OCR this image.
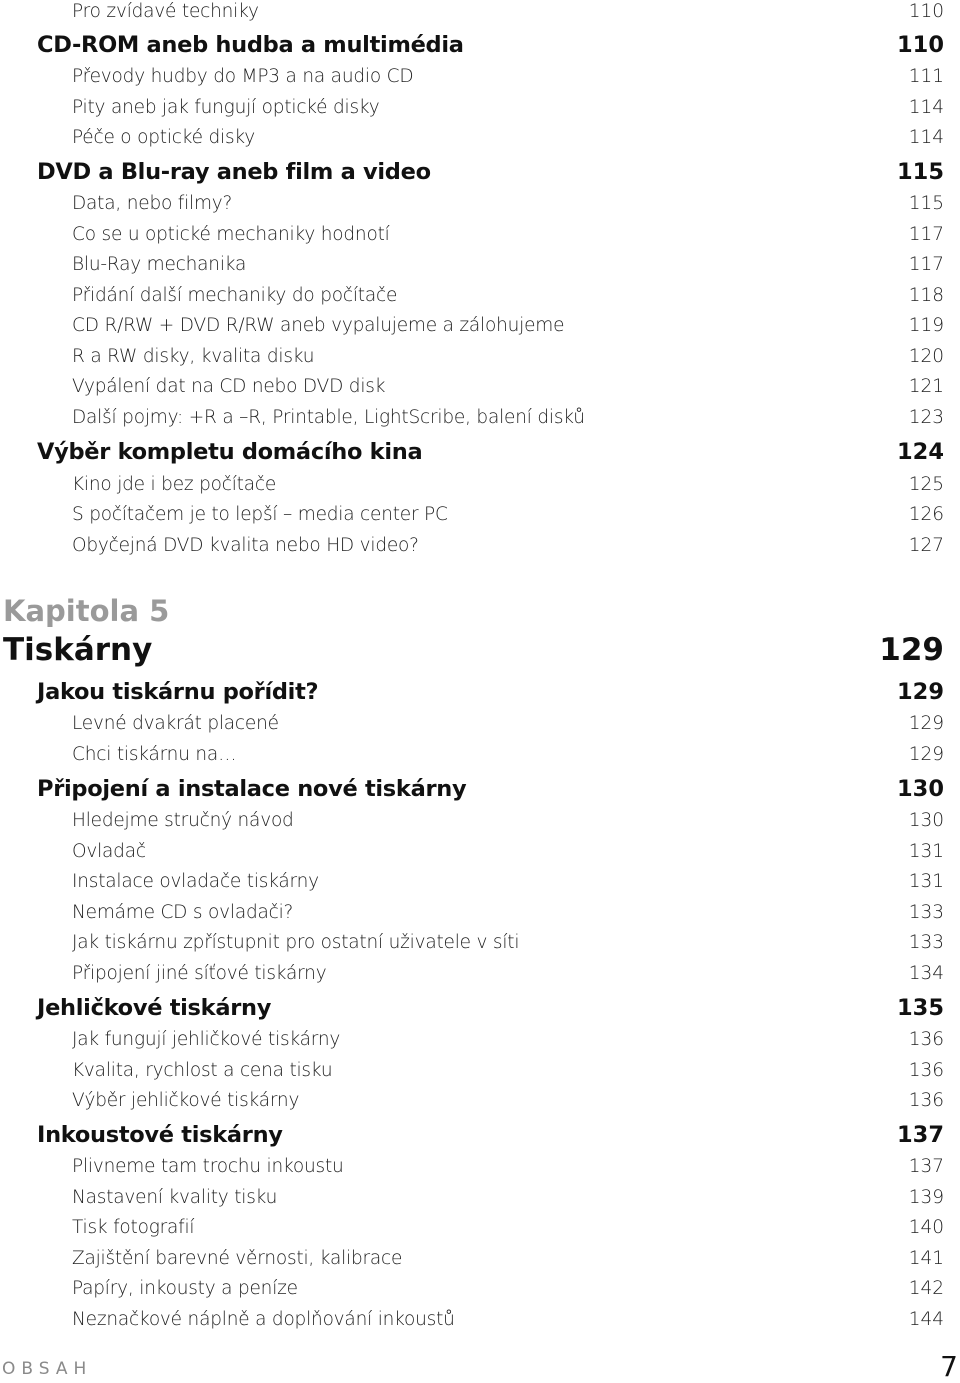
Pro zvídavé techniky	110
CD-ROM aneb hudba a multimédia	110
Převody hudby do MP3 a na audio CD	111
Pity aneb jak fungují optické disky	114
Péče o optické disky	114
DVD a Blu-ray aneb film a video	115
Data, nebo filmy?	115
Co se u optické mechaniky hodnotí	117
Blu-Ray mechanika	117
Přidání další mechaniky do počítače	118
CD R/RW + DVD R/RW aneb vypalujeme a zálohujeme	119
R a RW disky, kvalita disku	120
Vypálení dat na CD nebo DVD disk	121
Další pojmy: +R a –R, Printable, LightScribe, balení disků	123
Výběr kompletu domácího kina	124
Kino jde i bez počítače	125
S počítačem je to lepší – media center PC	126
Obyčejná DVD kvalita nebo HD video?	127
Kapitola 5
Tiskárny	129
Jakou tiskárnu pořídit?	129
Levné dvakrát placené	129
Chci tiskárnu na…	129
Připojení a instalace nové tiskárny	130
Hledejme stručný návod	130
Ovladač	131
Instalace ovladače tiskárny	131
Nemáme CD s ovladači?	133
Jak tiskárnu zpřístupnit pro ostatní uživatele v síti	133
Připojení jiné síťové tiskárny	134
Jehličkové tiskárny	135
Jak fungují jehličkové tiskárny	136
Kvalita, rychlost a cena tisku	136
Výběr jehličkové tiskárny	136
Inkoustové tiskárny	137
Plivneme tam trochu inkoustu	137
Nastavení kvality tisku	139
Tisk fotografií	140
Zajištění barevné věrnosti, kalibrace	141
Papíry, inkousty a peníze	142
Neznačkové náplně a doplňování inkoustů	144
OBSAH	7
